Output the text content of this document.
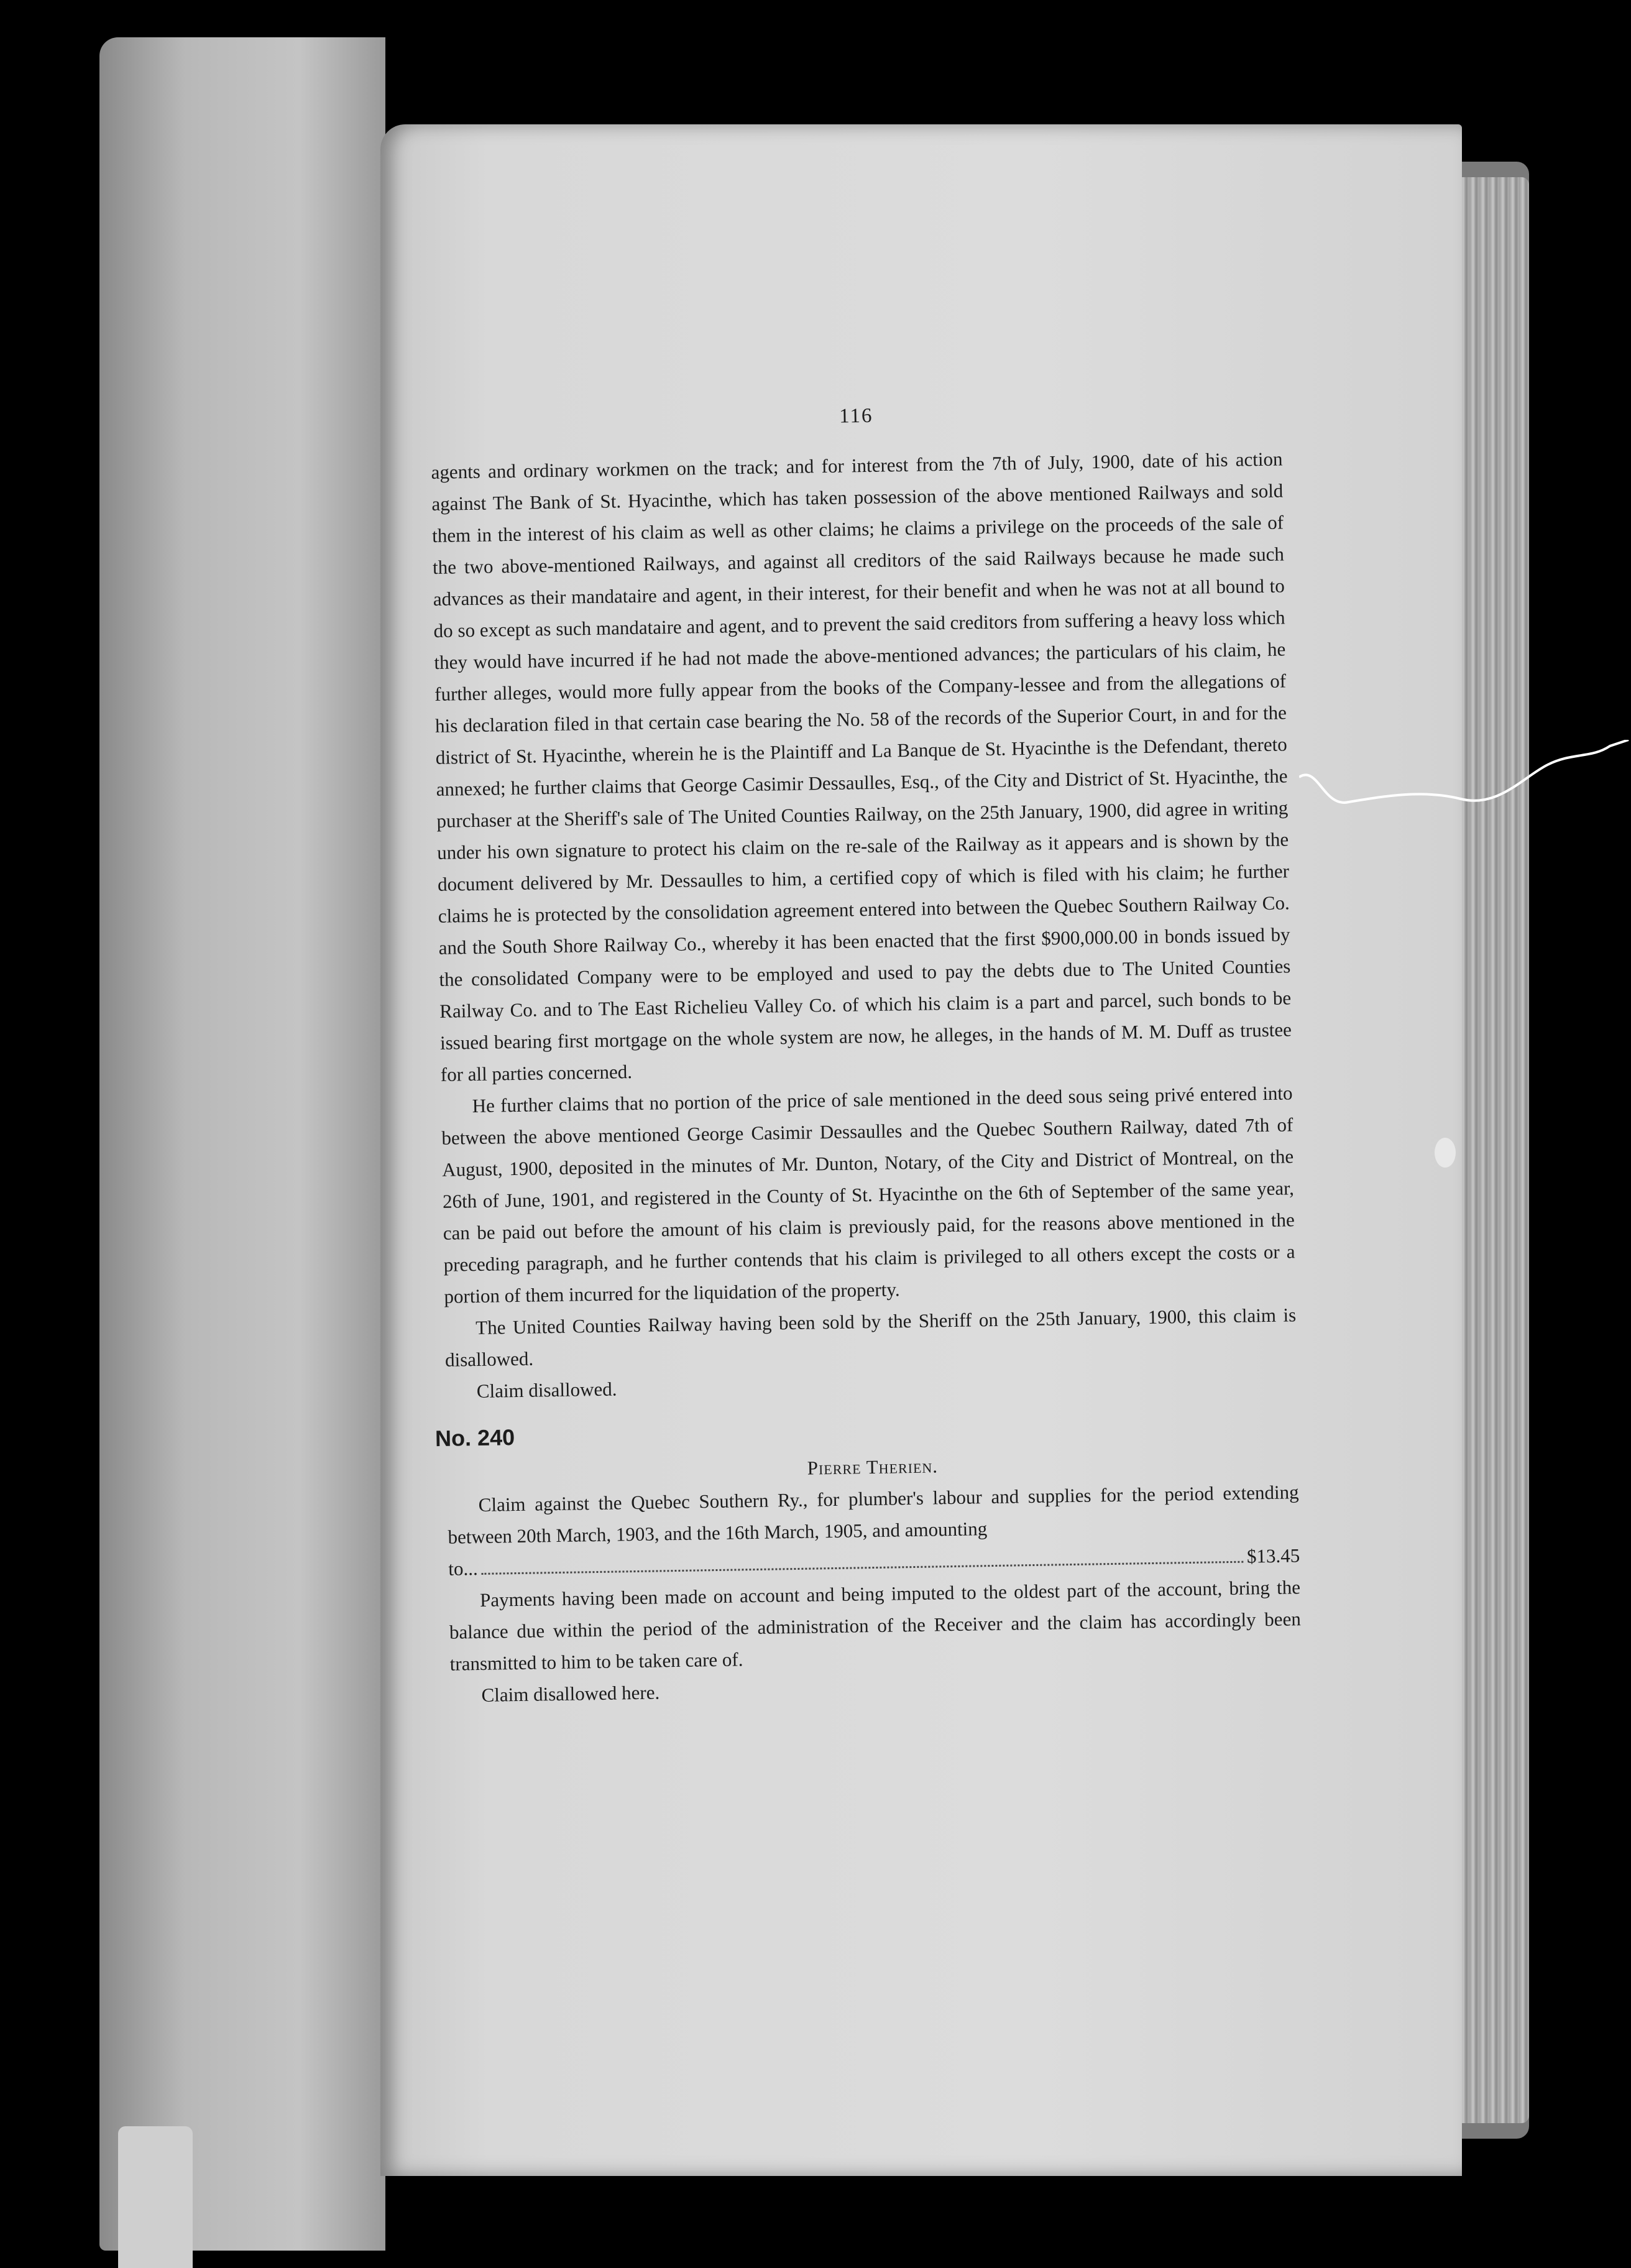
116

agents and ordinary workmen on the track; and for interest from the 7th of July, 1900, date of his action against The Bank of St. Hyacinthe, which has taken possession of the above mentioned Railways and sold them in the interest of his claim as well as other claims; he claims a privilege on the proceeds of the sale of the two above-mentioned Railways, and against all creditors of the said Railways because he made such advances as their mandataire and agent, in their interest, for their benefit and when he was not at all bound to do so except as such mandataire and agent, and to prevent the said creditors from suffering a heavy loss which they would have incurred if he had not made the above-mentioned advances; the particulars of his claim, he further alleges, would more fully appear from the books of the Company-lessee and from the allegations of his declaration filed in that certain case bearing the No. 58 of the records of the Superior Court, in and for the district of St. Hyacinthe, wherein he is the Plaintiff and La Banque de St. Hyacinthe is the Defendant, thereto annexed; he further claims that George Casimir Dessaulles, Esq., of the City and District of St. Hyacinthe, the purchaser at the Sheriff's sale of The United Counties Railway, on the 25th January, 1900, did agree in writing under his own signature to protect his claim on the re-sale of the Railway as it appears and is shown by the document delivered by Mr. Dessaulles to him, a certified copy of which is filed with his claim; he further claims he is protected by the consolidation agreement entered into between the Quebec Southern Railway Co. and the South Shore Railway Co., whereby it has been enacted that the first $900,000.00 in bonds issued by the consolidated Company were to be employed and used to pay the debts due to The United Counties Railway Co. and to The East Richelieu Valley Co. of which his claim is a part and parcel, such bonds to be issued bearing first mortgage on the whole system are now, he alleges, in the hands of M. M. Duff as trustee for all parties concerned.

He further claims that no portion of the price of sale mentioned in the deed sous seing privé entered into between the above mentioned George Casimir Dessaulles and the Quebec Southern Railway, dated 7th of August, 1900, deposited in the minutes of Mr. Dunton, Notary, of the City and District of Montreal, on the 26th of June, 1901, and registered in the County of St. Hyacinthe on the 6th of September of the same year, can be paid out before the amount of his claim is previously paid, for the reasons above mentioned in the preceding paragraph, and he further contends that his claim is privileged to all others except the costs or a portion of them incurred for the liquidation of the property.

The United Counties Railway having been sold by the Sheriff on the 25th January, 1900, this claim is disallowed.

Claim disallowed.

No. 240
Pierre Therien.

Claim against the Quebec Southern Ry., for plumber's labour and supplies for the period extending between 20th March, 1903, and the 16th March, 1905, and amounting

to...
$13.45

Payments having been made on account and being imputed to the oldest part of the account, bring the balance due within the period of the administration of the Receiver and the claim has accordingly been transmitted to him to be taken care of.

Claim disallowed here.
